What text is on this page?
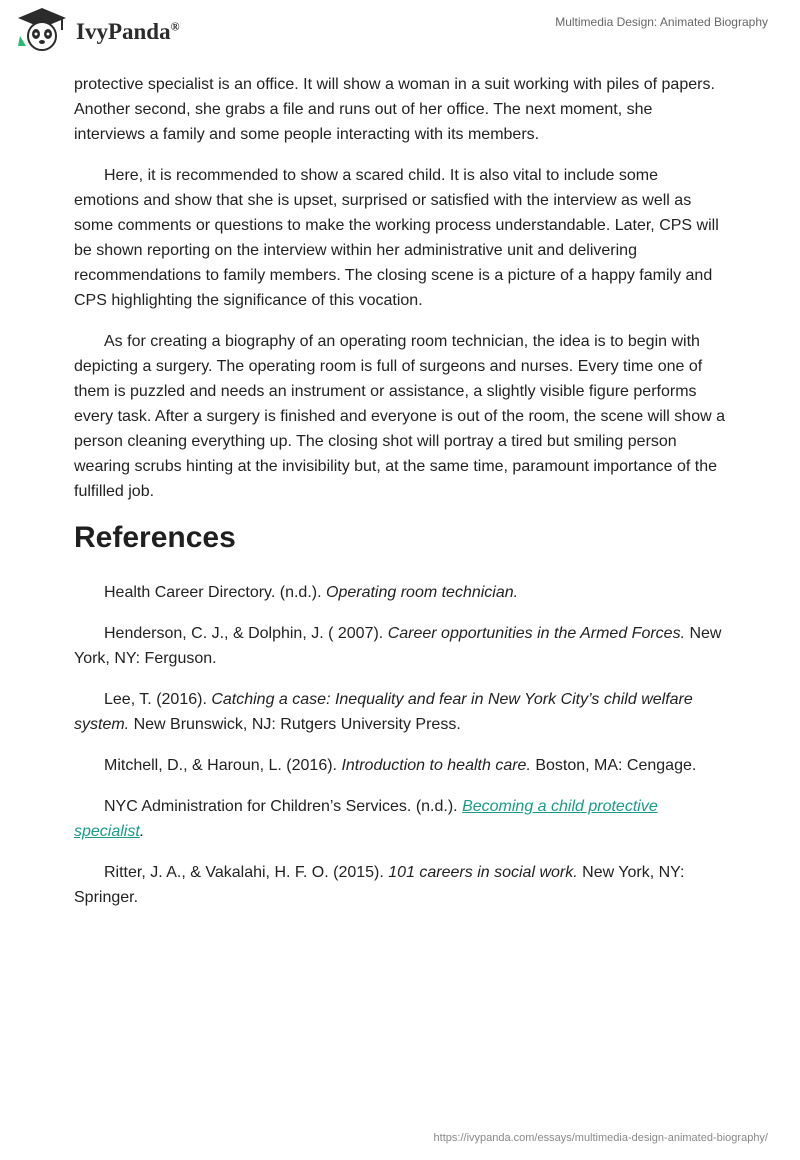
IvyPanda®	Multimedia Design: Animated Biography

protective specialist is an office. It will show a woman in a suit working with piles of papers. Another second, she grabs a file and runs out of her office. The next moment, she interviews a family and some people interacting with its members.

Here, it is recommended to show a scared child. It is also vital to include some emotions and show that she is upset, surprised or satisfied with the interview as well as some comments or questions to make the working process understandable. Later, CPS will be shown reporting on the interview within her administrative unit and delivering recommendations to family members. The closing scene is a picture of a happy family and CPS highlighting the significance of this vocation.

As for creating a biography of an operating room technician, the idea is to begin with depicting a surgery. The operating room is full of surgeons and nurses. Every time one of them is puzzled and needs an instrument or assistance, a slightly visible figure performs every task. After a surgery is finished and everyone is out of the room, the scene will show a person cleaning everything up. The closing shot will portray a tired but smiling person wearing scrubs hinting at the invisibility but, at the same time, paramount importance of the fulfilled job.

References
Health Career Directory. (n.d.). Operating room technician.
Henderson, C. J., & Dolphin, J. ( 2007). Career opportunities in the Armed Forces. New York, NY: Ferguson.
Lee, T. (2016). Catching a case: Inequality and fear in New York City’s child welfare system. New Brunswick, NJ: Rutgers University Press.
Mitchell, D., & Haroun, L. (2016). Introduction to health care. Boston, MA: Cengage.
NYC Administration for Children’s Services. (n.d.). Becoming a child protective specialist.
Ritter, J. A., & Vakalahi, H. F. O. (2015). 101 careers in social work. New York, NY: Springer.
https://ivypanda.com/essays/multimedia-design-animated-biography/
